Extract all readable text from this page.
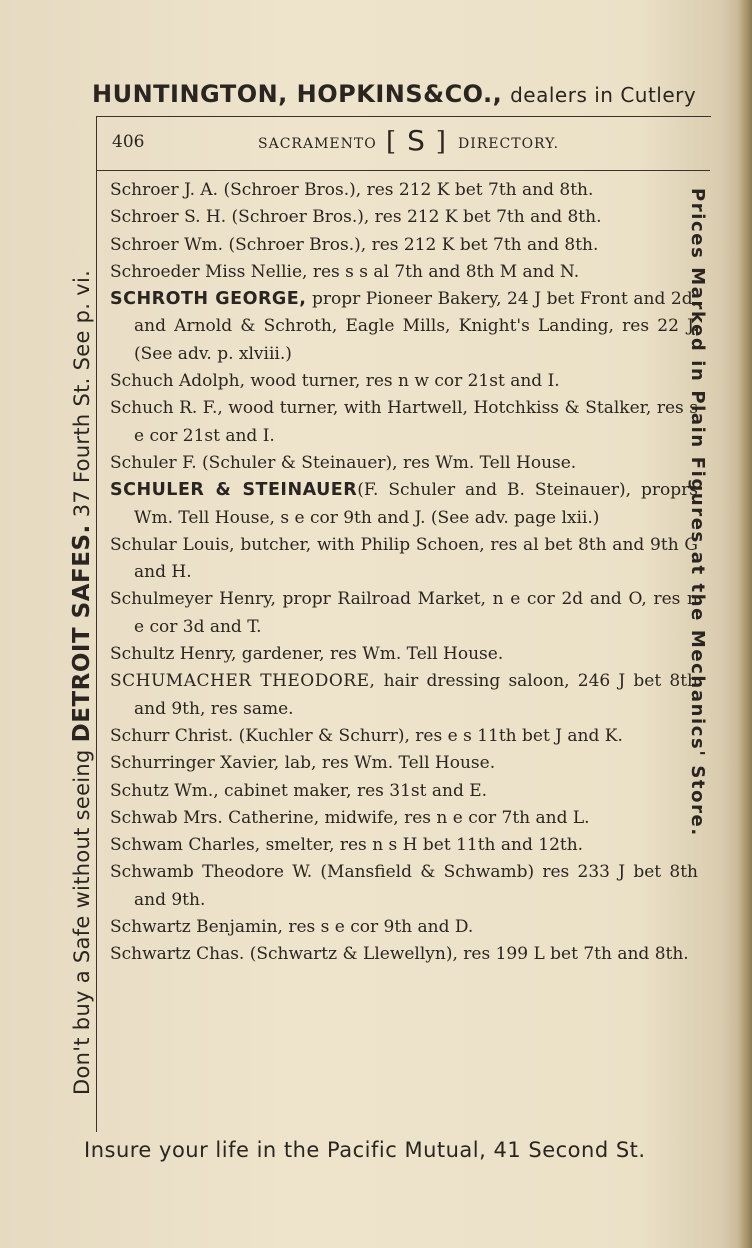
HUNTINGTON, HOPKINS&CO., dealers in Cutlery
406	SACRAMENTO [ S ] DIRECTORY.
Schroer J. A. (Schroer Bros.), res 212 K bet 7th and 8th.
Schroer S. H. (Schroer Bros.), res 212 K bet 7th and 8th.
Schroer Wm. (Schroer Bros.), res 212 K bet 7th and 8th.
Schroeder Miss Nellie, res s s al 7th and 8th M and N.
SCHROTH GEORGE, propr Pioneer Bakery, 24 J bet Front and 2d, and Arnold & Schroth, Eagle Mills, Knight's Landing, res 22 J. (See adv. p. xlviii.)
Schuch Adolph, wood turner, res n w cor 21st and I.
Schuch R. F., wood turner, with Hartwell, Hotchkiss & Stalker, res s e cor 21st and I.
Schuler F. (Schuler & Steinauer), res Wm. Tell House.
SCHULER & STEINAUER(F. Schuler and B. Steinauer), proprs Wm. Tell House, s e cor 9th and J. (See adv. page lxii.)
Schular Louis, butcher, with Philip Schoen, res al bet 8th and 9th G and H.
Schulmeyer Henry, propr Railroad Market, n e cor 2d and O, res n e cor 3d and T.
Schultz Henry, gardener, res Wm. Tell House.
SCHUMACHER THEODORE, hair dressing saloon, 246 J bet 8th and 9th, res same.
Schurr Christ. (Kuchler & Schurr), res e s 11th bet J and K.
Schurringer Xavier, lab, res Wm. Tell House.
Schutz Wm., cabinet maker, res 31st and E.
Schwab Mrs. Catherine, midwife, res n e cor 7th and L.
Schwam Charles, smelter, res n s H bet 11th and 12th.
Schwamb Theodore W. (Mansfield & Schwamb) res 233 J bet 8th and 9th.
Schwartz Benjamin, res s e cor 9th and D.
Schwartz Chas. (Schwartz & Llewellyn), res 199 L bet 7th and 8th.
Insure your life in the Pacific Mutual, 41 Second St.
Don't buy a Safe without seeing DETROIT SAFES. 37 Fourth St. See p. vi.	Prices Marked in Plain Figures at the Mechanics' Store.
